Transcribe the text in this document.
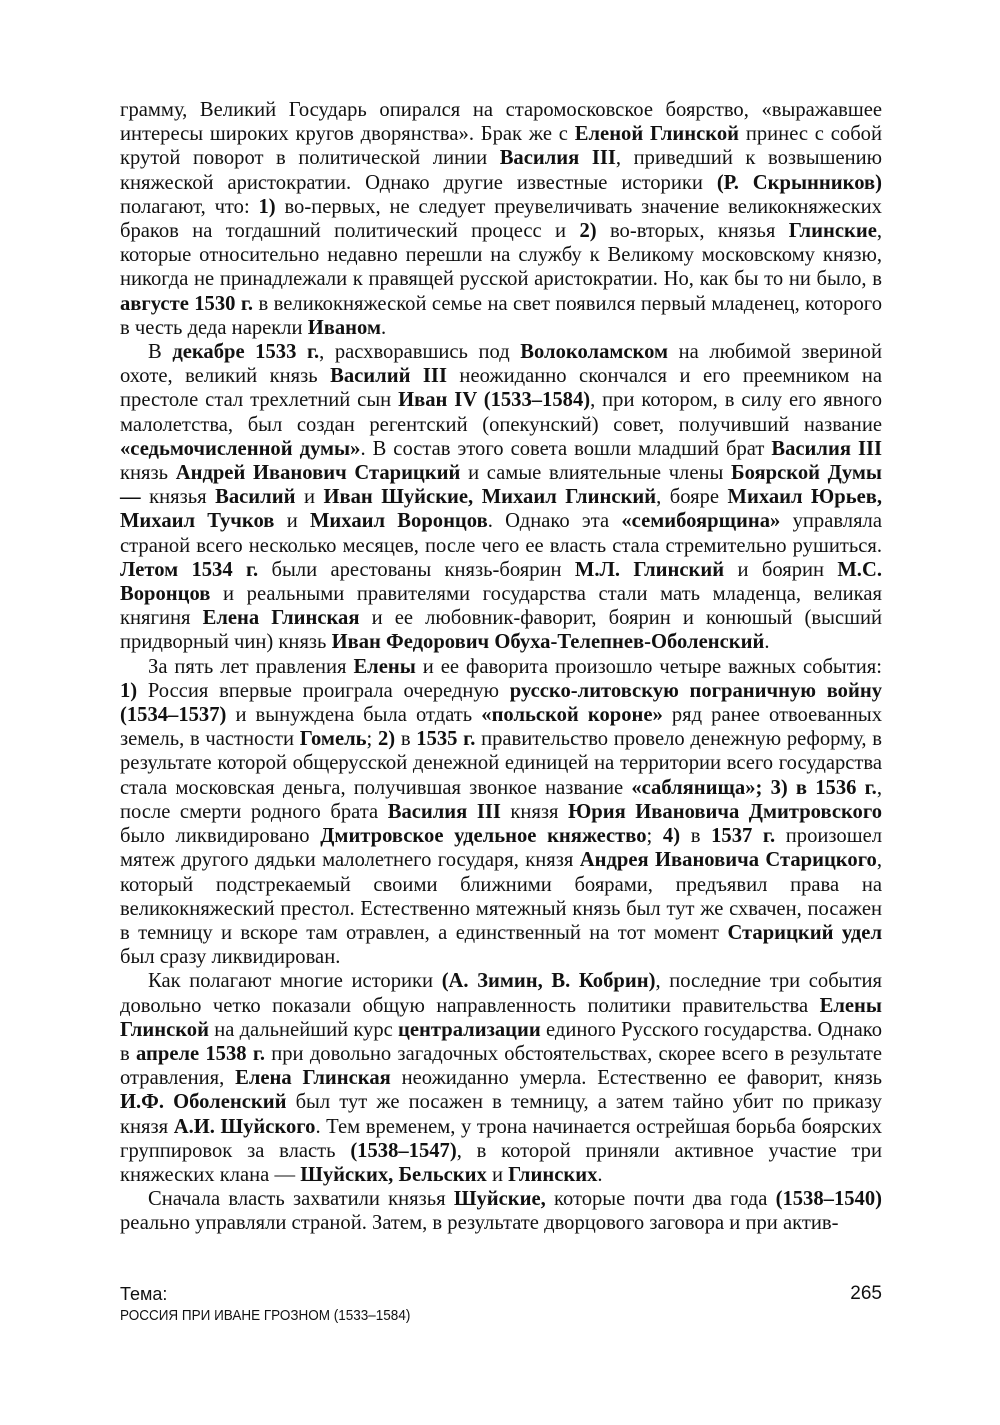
грамму, Великий Государь опирался на старомосковское боярство, «выражавшее интересы широких кругов дворянства». Брак же с Еленой Глинской принес с собой крутой поворот в политической линии Василия III, приведший к возвышению княжеской аристократии. Однако другие известные историки (Р. Скрынников) полагают, что: 1) во-первых, не следует преувеличивать значение великокняжеских браков на тогдашний политический процесс и 2) во-вторых, князья Глинские, которые относительно недавно перешли на службу к Великому московскому князю, никогда не принадлежали к правящей русской аристократии. Но, как бы то ни было, в августе 1530 г. в великокняжеской семье на свет появился первый младенец, которого в честь деда нарекли Иваном.

В декабре 1533 г., расхворавшись под Волоколамском на любимой звериной охоте, великий князь Василий III неожиданно скончался и его преемником на престоле стал трехлетний сын Иван IV (1533–1584), при котором, в силу его явного малолетства, был создан регентский (опекунский) совет, получивший название «седьмочисленной думы». В состав этого совета вошли младший брат Василия III князь Андрей Иванович Старицкий и самые влиятельные члены Боярской Думы — князья Василий и Иван Шуйские, Михаил Глинский, бояре Михаил Юрьев, Михаил Тучков и Михаил Воронцов. Однако эта «семибоярщина» управляла страной всего несколько месяцев, после чего ее власть стала стремительно рушиться. Летом 1534 г. были арестованы князь-боярин М.Л. Глинский и боярин М.С. Воронцов и реальными правителями государства стали мать младенца, великая княгиня Елена Глинская и ее любовник-фаворит, боярин и конюшый (высший придворный чин) князь Иван Федорович Обуха-Телепнев-Оболенский.

За пять лет правления Елены и ее фаворита произошло четыре важных события: 1) Россия впервые проиграла очередную русско-литовскую пограничную войну (1534–1537) и вынуждена была отдать «польской короне» ряд ранее отвоеванных земель, в частности Гомель; 2) в 1535 г. правительство провело денежную реформу, в результате которой общерусской денежной единицей на территории всего государства стала московская деньга, получившая звонкое название «саблянища»; 3) в 1536 г., после смерти родного брата Василия III князя Юрия Ивановича Дмитровского было ликвидировано Дмитровское удельное княжество; 4) в 1537 г. произошел мятеж другого дядьки малолетнего государя, князя Андрея Ивановича Старицкого, который подстрекаемый своими ближними боярами, предъявил права на великокняжеский престол. Естественно мятежный князь был тут же схвачен, посажен в темницу и вскоре там отравлен, а единственный на тот момент Старицкий удел был сразу ликвидирован.

Как полагают многие историки (А. Зимин, В. Кобрин), последние три события довольно четко показали общую направленность политики правительства Елены Глинской на дальнейший курс централизации единого Русского государства. Однако в апреле 1538 г. при довольно загадочных обстоятельствах, скорее всего в результате отравления, Елена Глинская неожиданно умерла. Естественно ее фаворит, князь И.Ф. Оболенский был тут же посажен в темницу, а затем тайно убит по приказу князя А.И. Шуйского. Тем временем, у трона начинается острейшая борьба боярских группировок за власть (1538–1547), в которой приняли активное участие три княжеских клана — Шуйских, Бельских и Глинских.

Сначала власть захватили князья Шуйские, которые почти два года (1538–1540) реально управляли страной. Затем, в результате дворцового заговора и при актив-

Тема:
РОССИЯ ПРИ ИВАНЕ ГРОЗНОМ (1533–1584)
265
